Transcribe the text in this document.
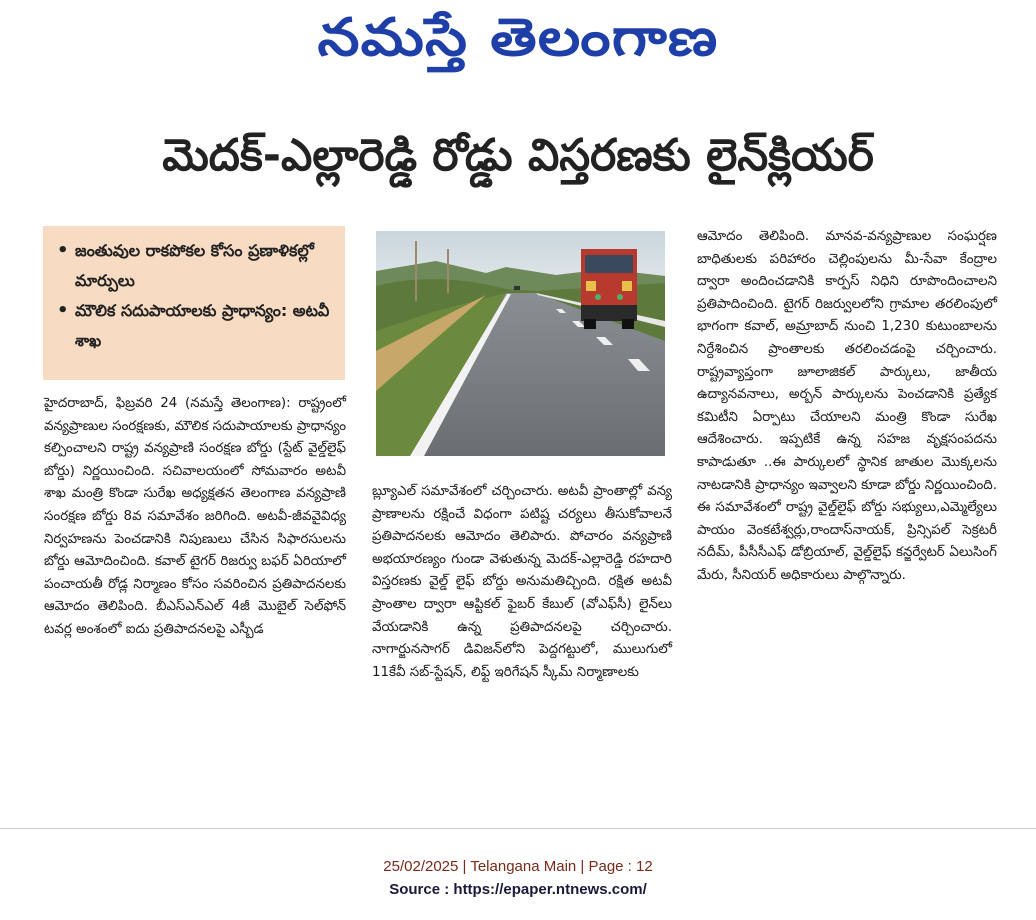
నమస్తే తెలంగాణ
మెదక్-ఎల్లారెడ్డి రోడ్డు విస్తరణకు లైన్‌క్లియర్
• జంతువుల రాకపోకల కోసం ప్రణాళికల్లో మార్పులు
• మౌలిక సదుపాయాలకు ప్రాధాన్యం: అటవీ శాఖ
హైదరాబాద్, ఫిబ్రవరి 24 (నమస్తే తెలంగాణ): రాష్ట్రంలో వన్యప్రాణుల సంరక్షణకు, మౌలిక సదుపాయాలకు ప్రాధాన్యం కల్పించాలని రాష్ట్ర వన్యప్రాణి సంరక్షణ బోర్డు (స్టేట్ వైల్డ్‌లైఫ్ బోర్డు) నిర్ణయించింది. సచివాలయంలో సోమవారం అటవీ శాఖ మంత్రి కొండా సురేఖ అధ్యక్షతన తెలంగాణ వన్యప్రాణి సంరక్షణ బోర్డు 8వ సమావేశం జరిగింది. అటవీ-జీవవైవిధ్య నిర్వహణను పెంచడానికి నిపుణులు చేసిన సిఫారసులను బోర్డు ఆమోదించింది. కవాల్ టైగర్ రిజర్వు బఫర్ ఏరియాలో పంచాయతీ రోడ్ల నిర్మాణం కోసం సవరించిన ప్రతిపాదనలకు ఆమోదం తెలిపింది. బీఎస్ఎన్ఎల్ 4జీ మొబైల్ సెల్‌ఫోన్ టవర్ల అంశంలో ఐదు ప్రతిపాదనలపై ఎస్బీడ
బ్ల్యూఎల్ సమావేశంలో చర్చించారు. అటవీ ప్రాంతాల్లో వన్య ప్రాణాలను రక్షించే విధంగా పటిష్ట చర్యలు తీసుకోవాలనే ప్రతిపాదనలకు ఆమోదం తెలిపారు. పోచారం వన్యప్రాణి అభయారణ్యం గుండా వెళుతున్న మెదక్-ఎల్లారెడ్డి రహదారి విస్తరణకు వైల్డ్ లైఫ్ బోర్డు అనుమతిచ్చింది. రక్షిత అటవీ ప్రాంతాల ద్వారా ఆప్టికల్ ఫైబర్ కేబుల్ (వోఎఫ్‌సీ) లైన్‌లు వేయడానికి ఉన్న ప్రతిపాదనలపై చర్చించారు. నాగార్జునసాగర్ డివిజన్‌లోని పెద్దగట్టులో, ములుగులో 11కేవీ సబ్-స్టేషన్, లిఫ్ట్ ఇరిగేషన్ స్కీమ్ నిర్మాణాలకు
ఆమోదం తెలిపింది. మానవ-వన్యప్రాణుల సంఘర్షణ బాధితులకు పరిహారం చెల్లింపులను మీ-సేవా కేంద్రాల ద్వారా అందించడానికి కార్పస్ నిధిని రూపొందించాలని ప్రతిపాదించింది. టైగర్ రిజర్వులలోని గ్రామాల తరలింపులో భాగంగా కవాల్, అమ్రాబాద్ నుంచి 1,230 కుటుంబాలను నిర్దేశించిన ప్రాంతాలకు తరలించడంపై చర్చించారు. రాష్ట్రవ్యాప్తంగా జూలాజికల్ పార్కులు, జాతీయ ఉద్యానవనాలు, అర్బన్ పార్కులను పెంచడానికి ప్రత్యేక కమిటీని ఏర్పాటు చేయాలని మంత్రి కొండా సురేఖ ఆదేశించారు. ఇప్పటికే ఉన్న సహజ వృక్షసంపదను కాపాడుతూ ..ఈ పార్కులలో స్థానిక జాతుల మొక్కలను నాటడానికి ప్రాధాన్యం ఇవ్వాలని కూడా బోర్డు నిర్ణయించింది. ఈ సమావేశంలో రాష్ట్ర వైల్డ్‌లైఫ్ బోర్డు సభ్యులు,ఎమ్మెల్యేలు పాయం వెంకటేశ్వర్లు,రాందాస్‌నాయక్, ప్రిన్సిపల్ సెక్రటరీ నదీమ్, పీసీసీఎఫ్ డోబ్రియాల్, వైల్డ్‌లైఫ్ కన్జర్వేటర్ ఏలుసింగ్ మేరు, సీనియర్ అధికారులు పాల్గొన్నారు.
25/02/2025 | Telangana Main | Page : 12
Source : https://epaper.ntnews.com/
